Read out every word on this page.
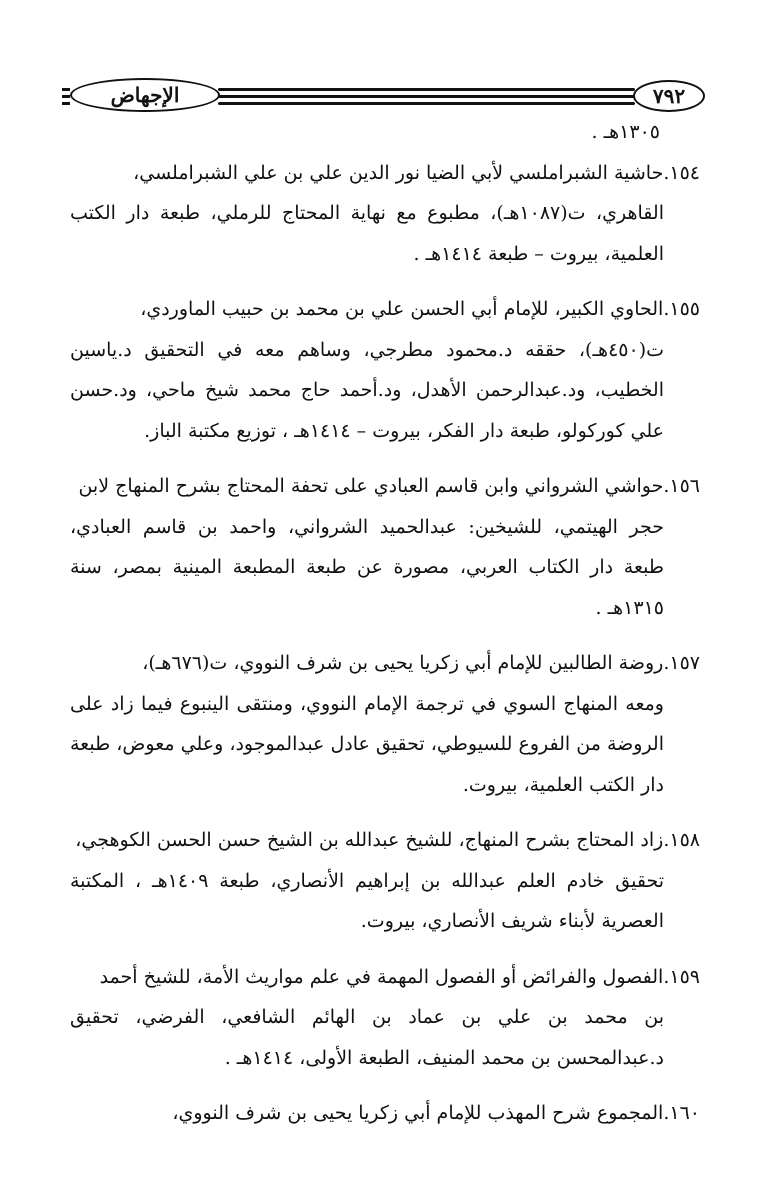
الإجهاض	٧٩٢

١٣٠٥هـ .

١٥٤.حاشية الشبراملسي لأبي الضيا نور الدين علي بن علي الشبراملسي،
القاهري، ت(١٠٨٧هـ)، مطبوع مع نهاية المحتاج للرملي، طبعة دار الكتب العلمية، بيروت – طبعة ١٤١٤هـ .
١٥٥.الحاوي الكبير، للإمام أبي الحسن علي بن محمد بن حبيب الماوردي،
ت(٤٥٠هـ)، حققه د.محمود مطرجي، وساهم معه في التحقيق د.ياسين الخطيب، ود.عبدالرحمن الأهدل، ود.أحمد حاج محمد شيخ ماحي، ود.حسن علي كوركولو، طبعة دار الفكر، بيروت – ١٤١٤هـ ، توزيع مكتبة الباز.
١٥٦.حواشي الشرواني وابن قاسم العبادي على تحفة المحتاج بشرح المنهاج لابن
حجر الهيتمي، للشيخين: عبدالحميد الشرواني، واحمد بن قاسم العبادي، طبعة دار الكتاب العربي، مصورة عن طبعة المطبعة المينية بمصر، سنة ١٣١٥هـ .
١٥٧.روضة الطالبين للإمام أبي زكريا يحيى بن شرف النووي، ت(٦٧٦هـ)،
ومعه المنهاج السوي في ترجمة الإمام النووي، ومنتقى الينبوع فيما زاد على الروضة من الفروع للسيوطي، تحقيق عادل عبدالموجود، وعلي معوض، طبعة دار الكتب العلمية، بيروت.
١٥٨.زاد المحتاج بشرح المنهاج، للشيخ عبدالله بن الشيخ حسن الحسن الكوهجي،
تحقيق خادم العلم عبدالله بن إبراهيم الأنصاري، طبعة ١٤٠٩هـ ، المكتبة العصرية لأبناء شريف الأنصاري، بيروت.
١٥٩.الفصول والفرائض أو الفصول المهمة في علم مواريث الأمة، للشيخ أحمد
بن محمد بن علي بن عماد بن الهائم الشافعي، الفرضي، تحقيق د.عبدالمحسن بن محمد المنيف، الطبعة الأولى، ١٤١٤هـ .
١٦٠.المجموع شرح المهذب للإمام أبي زكريا يحيى بن شرف النووي،
